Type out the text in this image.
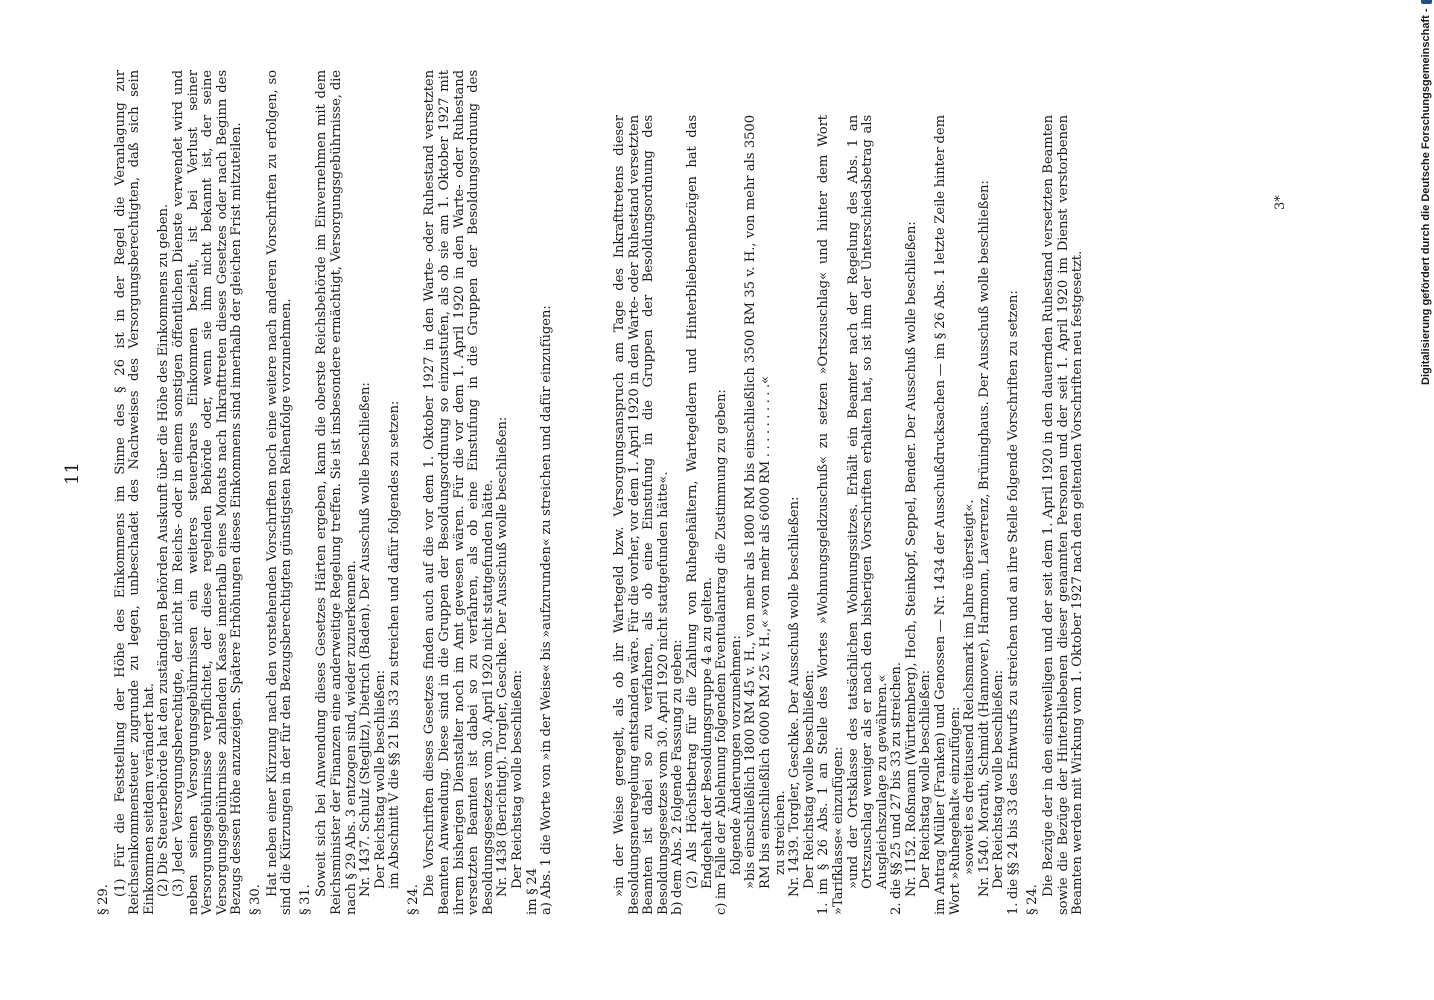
11

§ 29.

(1) Für die Feststellung der Höhe des Einkommens im Sinne des § 26 ist in der Regel die Veranlagung zur Reichseinkommensteuer zugrunde zu legen, unbeschadet des Nachweises des Versorgungsberechtigten, daß sich sein Einkommen seitdem verändert hat. (2) Die Steuerbehörde hat den zuständigen Behörden Auskunft über die Höhe des Einkommens zu geben. (3) Jeder Versorgungsberechtigte, der nicht im Reichs- oder in einem sonstigen öffentlichen Dienste verwendet wird und neben seinen Versorgungsgebührnissen ein weiteres steuerbares Einkommen bezieht, ist bei Verlust seiner Versorgungsgebührnisse verpflichtet, der diese regelnden Behörde oder, wenn sie ihm nicht bekannt ist, der seine Versorgungsgebührnisse zahlenden Kasse innerhalb eines Monats nach Inkrafttreten dieses Gesetzes oder nach Beginn des Bezugs dessen Höhe anzuzeigen. Spätere Erhöhungen dieses Einkommens sind innerhalb der gleichen Frist mitzuteilen. § 30.

Hat neben einer Kürzung nach den vorstehenden Vorschriften noch eine weitere nach anderen Vorschriften zu erfolgen, so sind die Kürzungen in der für den Bezugsberechtigten günstigsten Reihenfolge vorzunehmen. § 31.

Soweit sich bei Anwendung dieses Gesetzes Härten ergeben, kann die oberste Reichsbehörde im Einvernehmen mit dem Reichsminister der Finanzen eine anderweitige Regelung treffen. Sie ist insbesondere ermächtigt, Versorgungsgebührnisse, die nach § 29 Abs. 3 entzogen sind, wieder zuzuerkennen. Nr. 1437. Schulz (Steglitz), Dietrich (Baden). Der Ausschuß wolle beschließen: Der Reichstag wolle beschließen: im Abschnitt V die §§ 21 bis 33 zu streichen und dafür folgendes zu setzen:

§ 24.

Die Vorschriften dieses Gesetzes finden auch auf die vor dem 1. Oktober 1927 in den Warte- oder Ruhestand versetzten Beamten Anwendung. Diese sind in die Gruppen der Besoldungsordnung so einzustufen, als ob sie am 1. Oktober 1927 mit ihrem bisherigen Dienstalter noch im Amt gewesen wären. Für die vor dem 1. April 1920 in den Warte- oder Ruhestand versetzten Beamten ist dabei so zu verfahren, als ob eine Einstufung in die Gruppen der Besoldungsordnung des Besoldungsgesetzes vom 30. April 1920 nicht stattgefunden hätte. Nr. 1438 (Berichtigt). Torgler, Geschke. Der Ausschuß wolle beschließen: Der Reichstag wolle beschließen:

im § 24 a) Abs. 1 die Worte von »in der Weise« bis »aufzurunden« zu streichen und dafür einzufügen:	»in der Weise geregelt, als ob ihr Wartegeld bzw. Versorgungsanspruch am Tage des Inkrafttretens dieser Besoldungsneuregelung entstanden wäre. Für die vorher, vor dem 1. April 1920 in den Warte- oder Ruhestand versetzten Beamten ist dabei so zu verfahren, als ob eine Einstufung in die Gruppen der Besoldungsordnung des Besoldungsgesetzes vom 30. April 1920 nicht stattgefunden hätte«. b) dem Abs. 2 folgende Fassung zu geben: (2) Als Höchstbetrag für die Zahlung von Ruhegehältern, Wartegeldern und Hinterbliebenenbezügen hat das Endgehalt der Besoldungsgruppe 4 a zu gelten. c) im Falle der Ablehnung folgendem Eventualantrag die Zustimmung zu geben: folgende Änderungen vorzunehmen: »bis einschließlich 1800 RM 45 v. H., von mehr als 1800 RM bis einschließlich 3500 RM 35 v. H., von mehr als 3500 RM bis einschließlich 6000 RM 25 v. H.,« »von mehr als 6000 RM . . . . . . . . . .« zu streichen. Nr. 1439. Torgler, Geschke. Der Ausschuß wolle beschließen: Der Reichstag wolle beschließen: 1. im § 26 Abs. 1 an Stelle des Wortes »Wohnungsgeldzuschuß« zu setzen »Ortszuschlag« und hinter dem Wort »Tarifklasse« einzufügen: »und der Ortsklasse des tatsächlichen Wohnungssitzes. Erhält ein Beamter nach der Regelung des Abs. 1 an Ortszuschlag weniger als er nach den bisherigen Vorschriften erhalten hat, so ist ihm der Unterschiedsbetrag als Ausgleichszulage zu gewähren.« 2. die §§ 25 und 27 bis 33 zu streichen. Nr. 1152. Roßmann (Württemberg), Hoch, Steinkopf, Seppel, Bender. Der Ausschuß wolle beschließen: Der Reichstag wolle beschließen: im Antrag Müller (Franken) und Genossen — Nr. 1434 der Ausschußdrucksachen — im § 26 Abs. 1 letzte Zeile hinter dem Wort »Ruhegehalt« einzufügen: »soweit es dreitausend Reichsmark im Jahre übersteigt«. Nr. 1540. Morath, Schmidt (Hannover), Harmonn, Laverrenz, Brüninghaus. Der Ausschuß wolle beschließen: Der Reichstag wolle beschließen: 1. die §§ 24 bis 33 des Entwurfs zu streichen und an ihre Stelle folgende Vorschriften zu setzen: § 24.

Die Bezüge der in den einstweiligen und der seit dem 1. April 1920 in den dauernden Ruhestand versetzten Beamten sowie die Bezüge der Hinterbliebenen dieser genannten Personen und der seit 1. April 1920 im Dienst verstorbenen Beamten werden mit Wirkung vom 1. Oktober 1927 nach den geltenden Vorschriften neu festgesetzt.

3*	Digitalisierung gefördert durch die Deutsche Forschungsgemeinschaft -
